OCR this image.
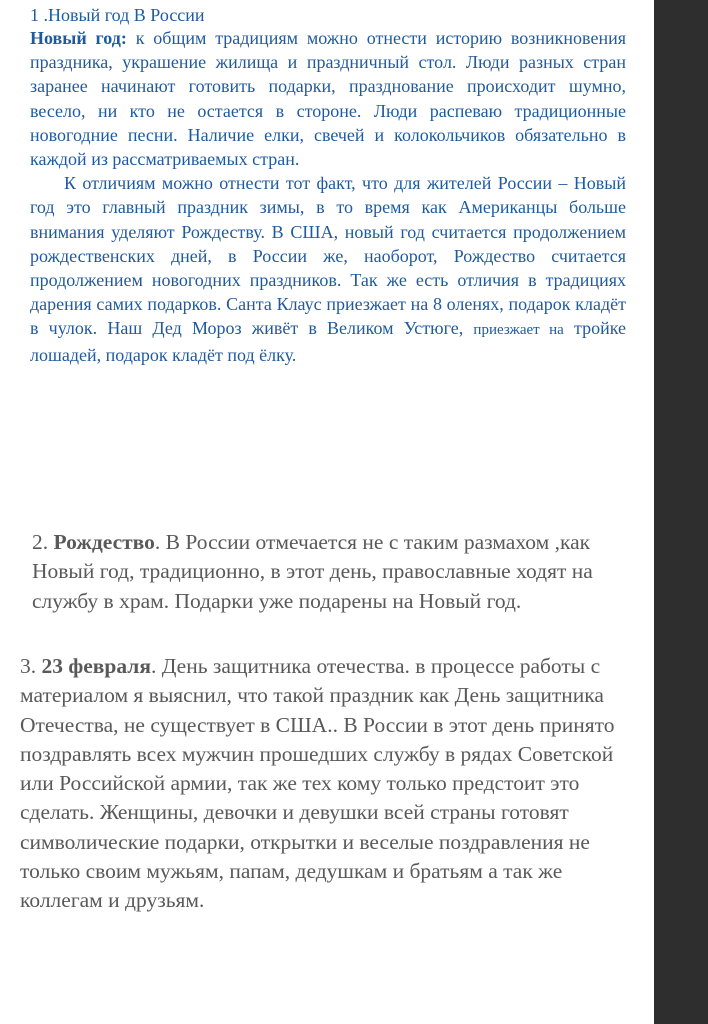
1 .Новый год В России

Новый год: к общим традициям можно отнести историю возникновения праздника, украшение жилища и праздничный стол. Люди разных стран заранее начинают готовить подарки, празднование происходит шумно, весело, ни кто не остается в стороне. Люди распеваю традиционные новогодние песни. Наличие елки, свечей и колокольчиков обязательно в каждой из рассматриваемых стран.

К отличиям можно отнести тот факт, что для жителей России – Новый год это главный праздник зимы, в то время как Американцы больше внимания уделяют Рождеству. В США, новый год считается продолжением рождественских дней, в России же, наоборот, Рождество считается продолжением новогодних праздников. Так же есть отличия в традициях дарения самих подарков. Санта Клаус приезжает на 8 оленях, подарок кладёт в чулок. Наш Дед Мороз живёт в Великом Устюге, приезжает на тройке лошадей, подарок кладёт под ёлку.

2. Рождество. В России отмечается не с таким размахом ,как Новый год, традиционно, в этот день, православные ходят на службу в храм. Подарки уже подарены на Новый год.

3. 23 февраля. День защитника отечества. в процессе работы с материалом я выяснил, что такой праздник как День защитника Отечества, не существует в США.. В России в этот день принято поздравлять всех мужчин прошедших службу в рядах Советской или Российской армии, так же тех кому только предстоит это сделать. Женщины, девочки и девушки всей страны готовят символические подарки, открытки и веселые поздравления не только своим мужьям, папам, дедушкам и братьям а так же коллегам и друзьям.
